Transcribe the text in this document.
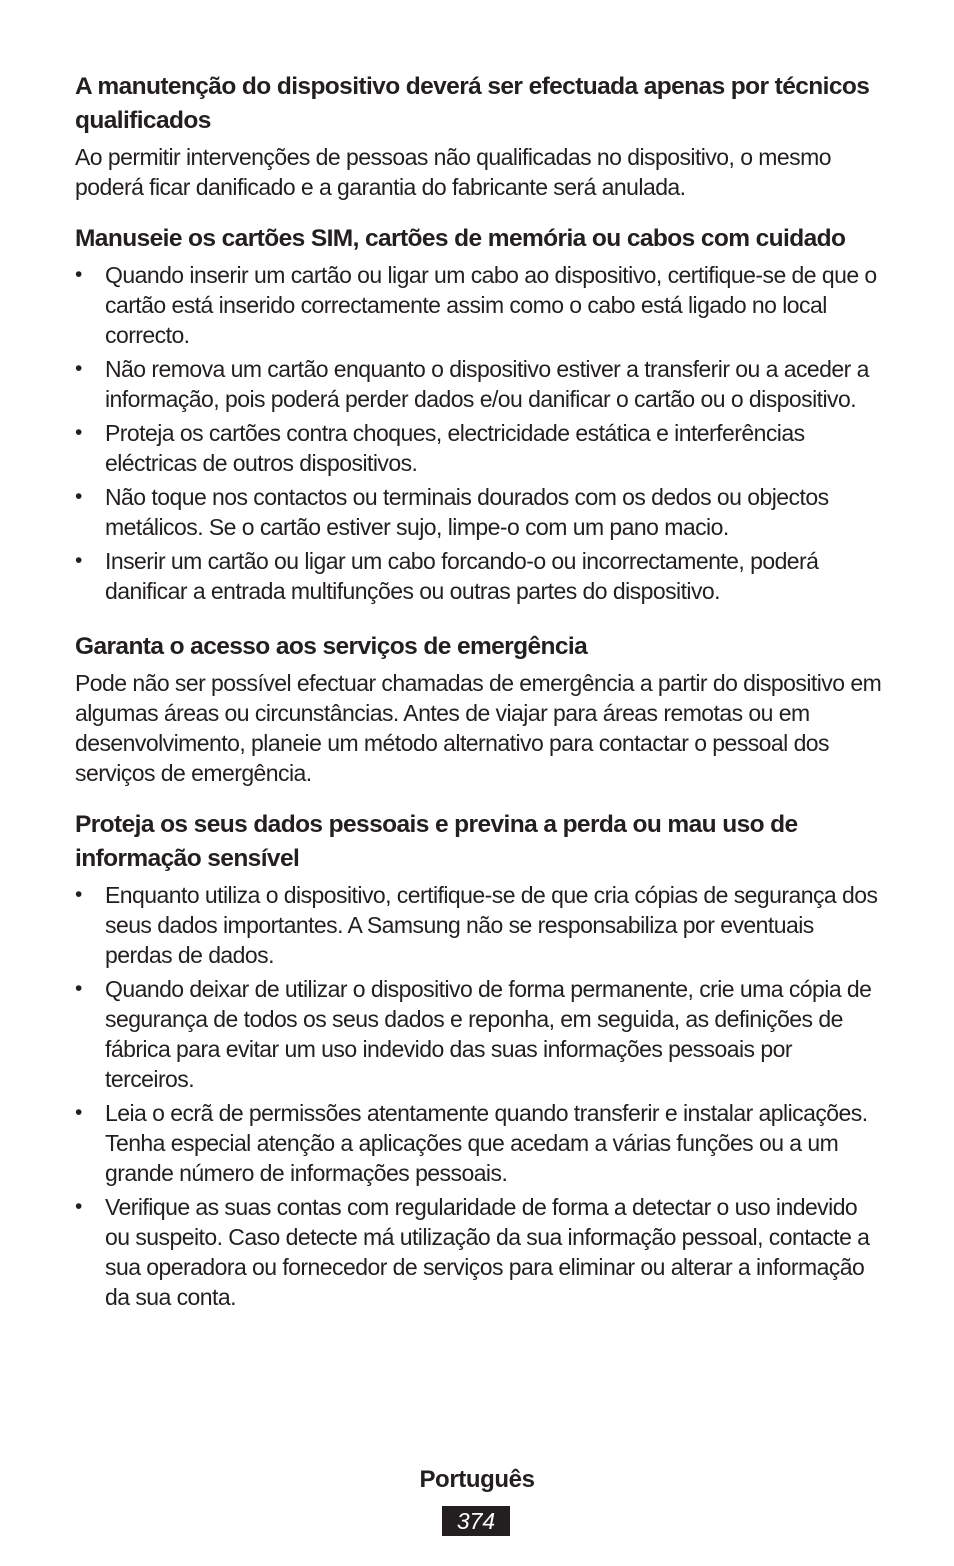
A manutenção do dispositivo deverá ser efectuada apenas por técnicos qualificados

Ao permitir intervenções de pessoas não qualificadas no dispositivo, o mesmo poderá ficar danificado e a garantia do fabricante será anulada.

Manuseie os cartões SIM, cartões de memória ou cabos com cuidado
• Quando inserir um cartão ou ligar um cabo ao dispositivo, certifique-se de que o cartão está inserido correctamente assim como o cabo está ligado no local correcto.
• Não remova um cartão enquanto o dispositivo estiver a transferir ou a aceder a informação, pois poderá perder dados e/ou danificar o cartão ou o dispositivo.
• Proteja os cartões contra choques, electricidade estática e interferências eléctricas de outros dispositivos.
• Não toque nos contactos ou terminais dourados com os dedos ou objectos metálicos. Se o cartão estiver sujo, limpe-o com um pano macio.
• Inserir um cartão ou ligar um cabo forcando-o ou incorrectamente, poderá danificar a entrada multifunções ou outras partes do dispositivo.
Garanta o acesso aos serviços de emergência

Pode não ser possível efectuar chamadas de emergência a partir do dispositivo em algumas áreas ou circunstâncias. Antes de viajar para áreas remotas ou em desenvolvimento, planeie um método alternativo para contactar o pessoal dos serviços de emergência.

Proteja os seus dados pessoais e previna a perda ou mau uso de informação sensível
• Enquanto utiliza o dispositivo, certifique-se de que cria cópias de segurança dos seus dados importantes. A Samsung não se responsabiliza por eventuais perdas de dados.
• Quando deixar de utilizar o dispositivo de forma permanente, crie uma cópia de segurança de todos os seus dados e reponha, em seguida, as definições de fábrica para evitar um uso indevido das suas informações pessoais por terceiros.
• Leia o ecrã de permissões atentamente quando transferir e instalar aplicações. Tenha especial atenção a aplicações que acedam a várias funções ou a um grande número de informações pessoais.
• Verifique as suas contas com regularidade de forma a detectar o uso indevido ou suspeito. Caso detecte má utilização da sua informação pessoal, contacte a sua operadora ou fornecedor de serviços para eliminar ou alterar a informação da sua conta.
Português
374
